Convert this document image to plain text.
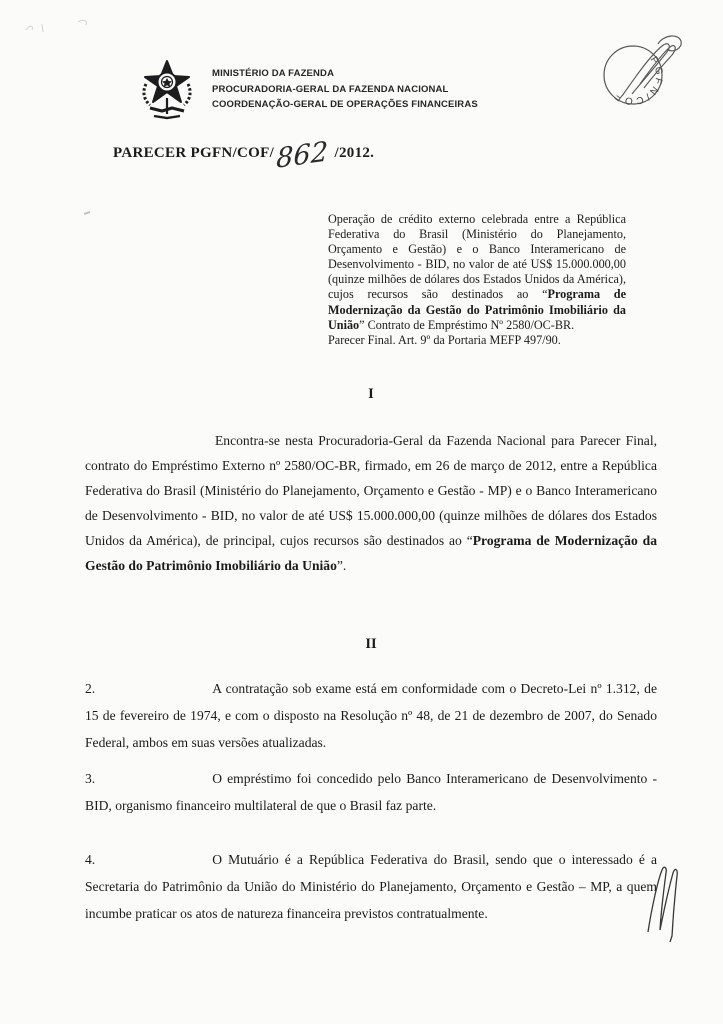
MINISTÉRIO DA FAZENDA
PROCURADORIA-GERAL DA FAZENDA NACIONAL
COORDENAÇÃO-GERAL DE OPERAÇÕES FINANCEIRAS
PGFN/COF
PARECER PGFN/COF/862 /2012.
Operação de crédito externo celebrada entre a República Federativa do Brasil (Ministério do Planejamento, Orçamento e Gestão) e o Banco Interamericano de Desenvolvimento - BID, no valor de até US$ 15.000.000,00 (quinze milhões de dólares dos Estados Unidos da América), cujos recursos são destinados ao “Programa de Modernização da Gestão do Patrimônio Imobiliário da União” Contrato de Empréstimo Nº 2580/OC-BR.
Parecer Final. Art. 9º da Portaria MEFP 497/90.
I
Encontra-se nesta Procuradoria-Geral da Fazenda Nacional para Parecer Final, contrato do Empréstimo Externo nº 2580/OC-BR, firmado, em 26 de março de 2012, entre a República Federativa do Brasil (Ministério do Planejamento, Orçamento e Gestão - MP) e o Banco Interamericano de Desenvolvimento - BID, no valor de até US$ 15.000.000,00 (quinze milhões de dólares dos Estados Unidos da América), de principal, cujos recursos são destinados ao “Programa de Modernização da Gestão do Patrimônio Imobiliário da União”.
II
2.	A contratação sob exame está em conformidade com o Decreto-Lei nº 1.312, de 15 de fevereiro de 1974, e com o disposto na Resolução nº 48, de 21 de dezembro de 2007, do Senado Federal, ambos em suas versões atualizadas.
3.	O empréstimo foi concedido pelo Banco Interamericano de Desenvolvimento - BID, organismo financeiro multilateral de que o Brasil faz parte.
4.	O Mutuário é a República Federativa do Brasil, sendo que o interessado é a Secretaria do Patrimônio da União do Ministério do Planejamento, Orçamento e Gestão – MP, a quem incumbe praticar os atos de natureza financeira previstos contratualmente.
